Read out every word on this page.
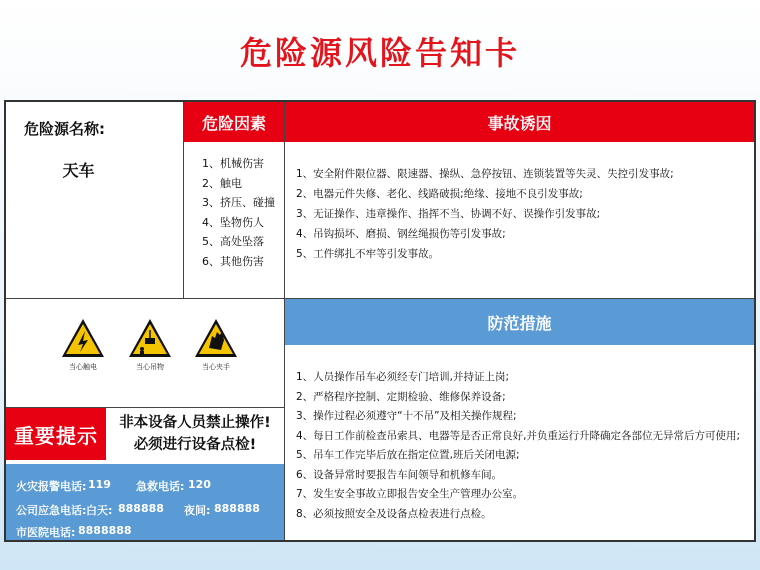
危险源风险告知卡
危险源名称:
天车
危险因素
1、机械伤害
2、触电
3、挤压、碰撞
4、坠物伤人
5、高处坠落
6、其他伤害
事故诱因
1、安全附件限位器、限速器、操纵、急停按钮、连锁装置等失灵、失控引发事故;
2、电器元件失修、老化、线路破损;绝缘、接地不良引发事故;
3、无证操作、违章操作、指挥不当、协调不好、误操作引发事故;
4、吊钩损坏、磨损、钢丝绳损伤等引发事故;
5、工件绑扎不牢等引发事故。
当心触电	当心吊物	当心夹手
重要提示
非本设备人员禁止操作!
必须进行设备点检!
火灾报警电话: 119 急救电话: 120
公司应急电话: 白天: 888888 夜间: 888888
市医院电话: 8888888
防范措施
1、人员操作吊车必须经专门培训,并持证上岗;
2、严格程序控制、定期检验、维修保养设备;
3、操作过程必须遵守“十不吊”及相关操作规程;
4、每日工作前检查吊索具、电器等是否正常良好,并负重运行升降确定各部位无异常后方可使用;
5、吊车工作完毕后放在指定位置,班后关闭电源;
6、设备异常时要报告车间领导和机修车间。
7、发生安全事故立即报告安全生产管理办公室。
8、必须按照安全及设备点检表进行点检。
